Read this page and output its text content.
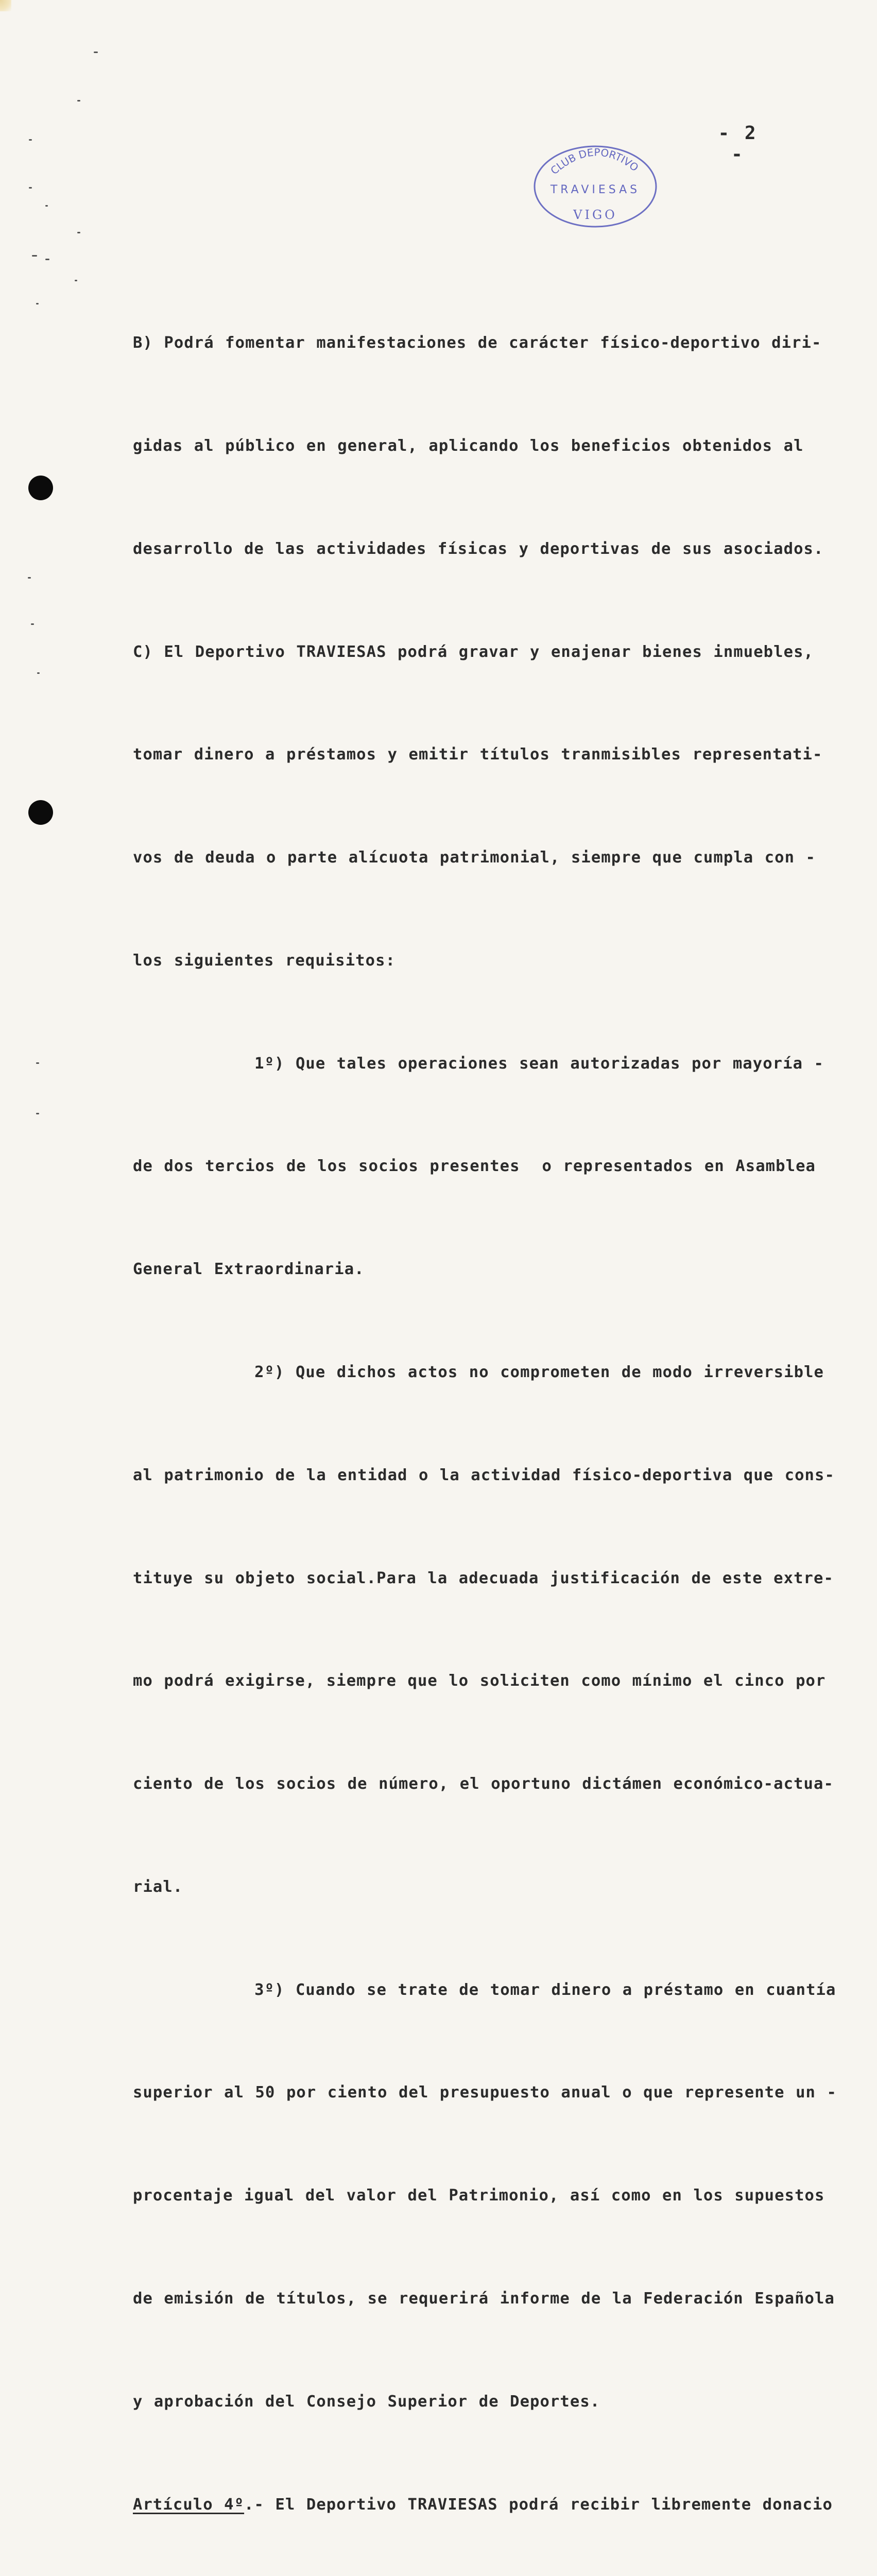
- 2 -
CLUB DEPORTIVO
TRAVIESAS
VIGO

B) Podrá fomentar manifestaciones de carácter físico-deportivo diri-

gidas al público en general, aplicando los beneficios obtenidos al

desarrollo de las actividades físicas y deportivas de sus asociados.

C) El Deportivo TRAVIESAS podrá gravar y enajenar bienes inmuebles,

tomar dinero a préstamos y emitir títulos tranmisibles representati-

vos de deuda o parte alícuota patrimonial, siempre que cumpla con -

los siguientes requisitos:

1º) Que tales operaciones sean autorizadas por mayoría -

de dos tercios de los socios presentes  o representados en Asamblea

General Extraordinaria.

2º) Que dichos actos no comprometen de modo irreversible

al patrimonio de la entidad o la actividad físico-deportiva que cons-

tituye su objeto social.Para la adecuada justificación de este extre-

mo podrá exigirse, siempre que lo soliciten como mínimo el cinco por

ciento de los socios de número, el oportuno dictámen económico-actua-

rial.

3º) Cuando se trate de tomar dinero a préstamo en cuantía

superior al 50 por ciento del presupuesto anual o que represente un -

procentaje igual del valor del Patrimonio, así como en los supuestos

de emisión de títulos, se requerirá informe de la Federación Española

y aprobación del Consejo Superior de Deportes.

Artículo 4º.- El Deportivo TRAVIESAS podrá recibir libremente donacio
